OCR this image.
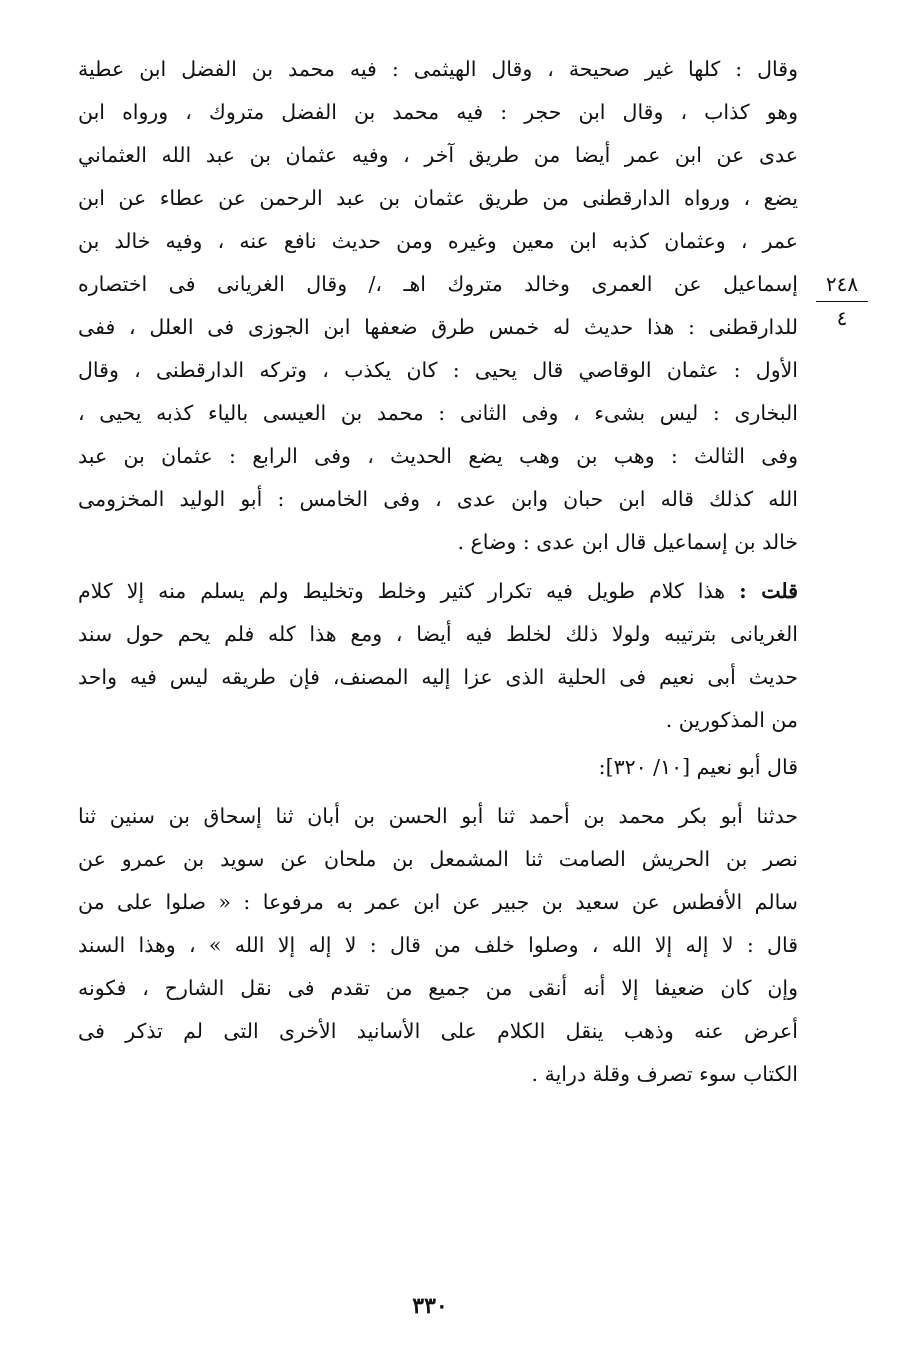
٢٤٨
٤
وقال : كلها غير صحيحة ، وقال الهيثمى : فيه محمد بن الفضل ابن عطية
وهو كذاب ، وقال ابن حجر : فيه محمد بن الفضل متروك ، ورواه ابن
عدى عن ابن عمر أيضا من طريق آخر ، وفيه عثمان بن عبد الله العثماني
يضع ، ورواه الدارقطنى من طريق عثمان بن عبد الرحمن عن عطاء عن ابن
عمر ، وعثمان كذبه ابن معين وغيره ومن حديث نافع عنه ، وفيه خالد بن
إسماعيل عن العمرى وخالد متروك اهـ ،/ وقال الغريانى فى اختصاره
للدارقطنى : هذا حديث له خمس طرق ضعفها ابن الجوزى فى العلل ، ففى
الأول : عثمان الوقاصي قال يحيى : كان يكذب ، وتركه الدارقطنى ، وقال
البخارى : ليس بشىء ، وفى الثانى : محمد بن العيسى بالياء كذبه يحيى ،
وفى الثالث : وهب بن وهب يضع الحديث ، وفى الرابع : عثمان بن عبد
الله كذلك قاله ابن حبان وابن عدى ، وفى الخامس : أبو الوليد المخزومى
خالد بن إسماعيل قال ابن عدى : وضاع .
قلت : هذا كلام طويل فيه تكرار كثير وخلط وتخليط ولم يسلم منه إلا كلام
الغريانى بترتيبه ولولا ذلك لخلط فيه أيضا ، ومع هذا كله فلم يحم حول سند
حديث أبى نعيم فى الحلية الذى عزا إليه المصنف، فإن طريقه ليس فيه واحد
من المذكورين .
قال أبو نعيم [١٠/ ٣٢٠]:
حدثنا أبو بكر محمد بن أحمد ثنا أبو الحسن بن أبان ثنا إسحاق بن سنين ثنا
نصر بن الحريش الصامت ثنا المشمعل بن ملحان عن سويد بن عمرو عن
سالم الأفطس عن سعيد بن جبير عن ابن عمر به مرفوعا : « صلوا على من
قال : لا إله إلا الله ، وصلوا خلف من قال : لا إله إلا الله » ، وهذا السند
وإن كان ضعيفا إلا أنه أنقى من جميع من تقدم فى نقل الشارح ، فكونه
أعرض عنه وذهب ينقل الكلام على الأسانيد الأخرى التى لم تذكر فى
الكتاب سوء تصرف وقلة دراية .
٣٣٠
